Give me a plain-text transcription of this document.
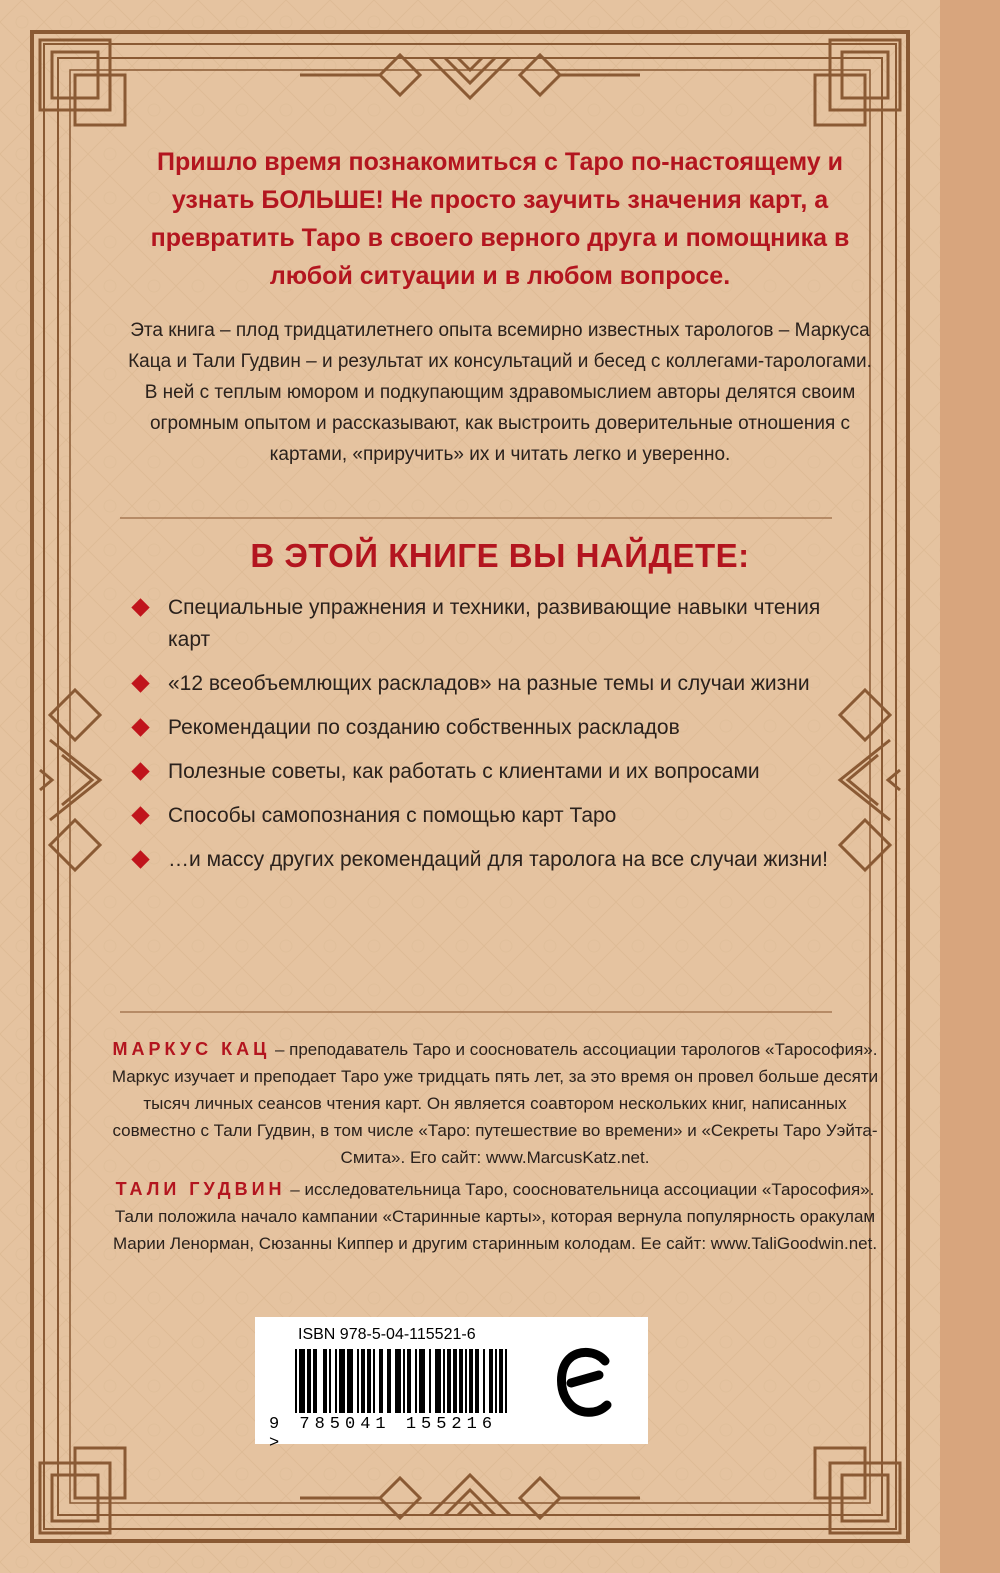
Пришло время познакомиться с Таро по-настоящему и узнать БОЛЬШЕ! Не просто заучить значения карт, а превратить Таро в своего верного друга и помощника в любой ситуации и в любом вопросе.

Эта книга – плод тридцатилетнего опыта всемирно известных тарологов – Маркуса Каца и Тали Гудвин – и результат их консультаций и бесед с коллегами-тарологами. В ней с теплым юмором и подкупающим здравомыслием авторы делятся своим огромным опытом и рассказывают, как выстроить доверительные отношения с картами, «приручить» их и читать легко и уверенно.

В ЭТОЙ КНИГЕ ВЫ НАЙДЕТЕ:
Специальные упражнения и техники, развивающие навыки чтения карт
«12 всеобъемлющих раскладов» на разные темы и случаи жизни
Рекомендации по созданию собственных раскладов
Полезные советы, как работать с клиентами и их вопросами
Способы самопознания с помощью карт Таро
…и массу других рекомендаций для таролога на все случаи жизни!

МАРКУС КАЦ – преподаватель Таро и сооснователь ассоциации тарологов «Тарософия». Маркус изучает и преподает Таро уже тридцать пять лет, за это время он провел больше десяти тысяч личных сеансов чтения карт. Он является соавтором нескольких книг, написанных совместно с Тали Гудвин, в том числе «Таро: путешествие во времени» и «Секреты Таро Уэйта-Смита». Его сайт: www.MarcusKatz.net.

ТАЛИ ГУДВИН – исследовательница Таро, соосновательница ассоциации «Тарософия». Тали положила начало кампании «Старинные карты», которая вернула популярность оракулам Марии Ленорман, Сюзанны Киппер и другим старинным колодам. Ее сайт: www.TaliGoodwin.net.

ISBN 978-5-04-115521-6
9 785041 155216 >
